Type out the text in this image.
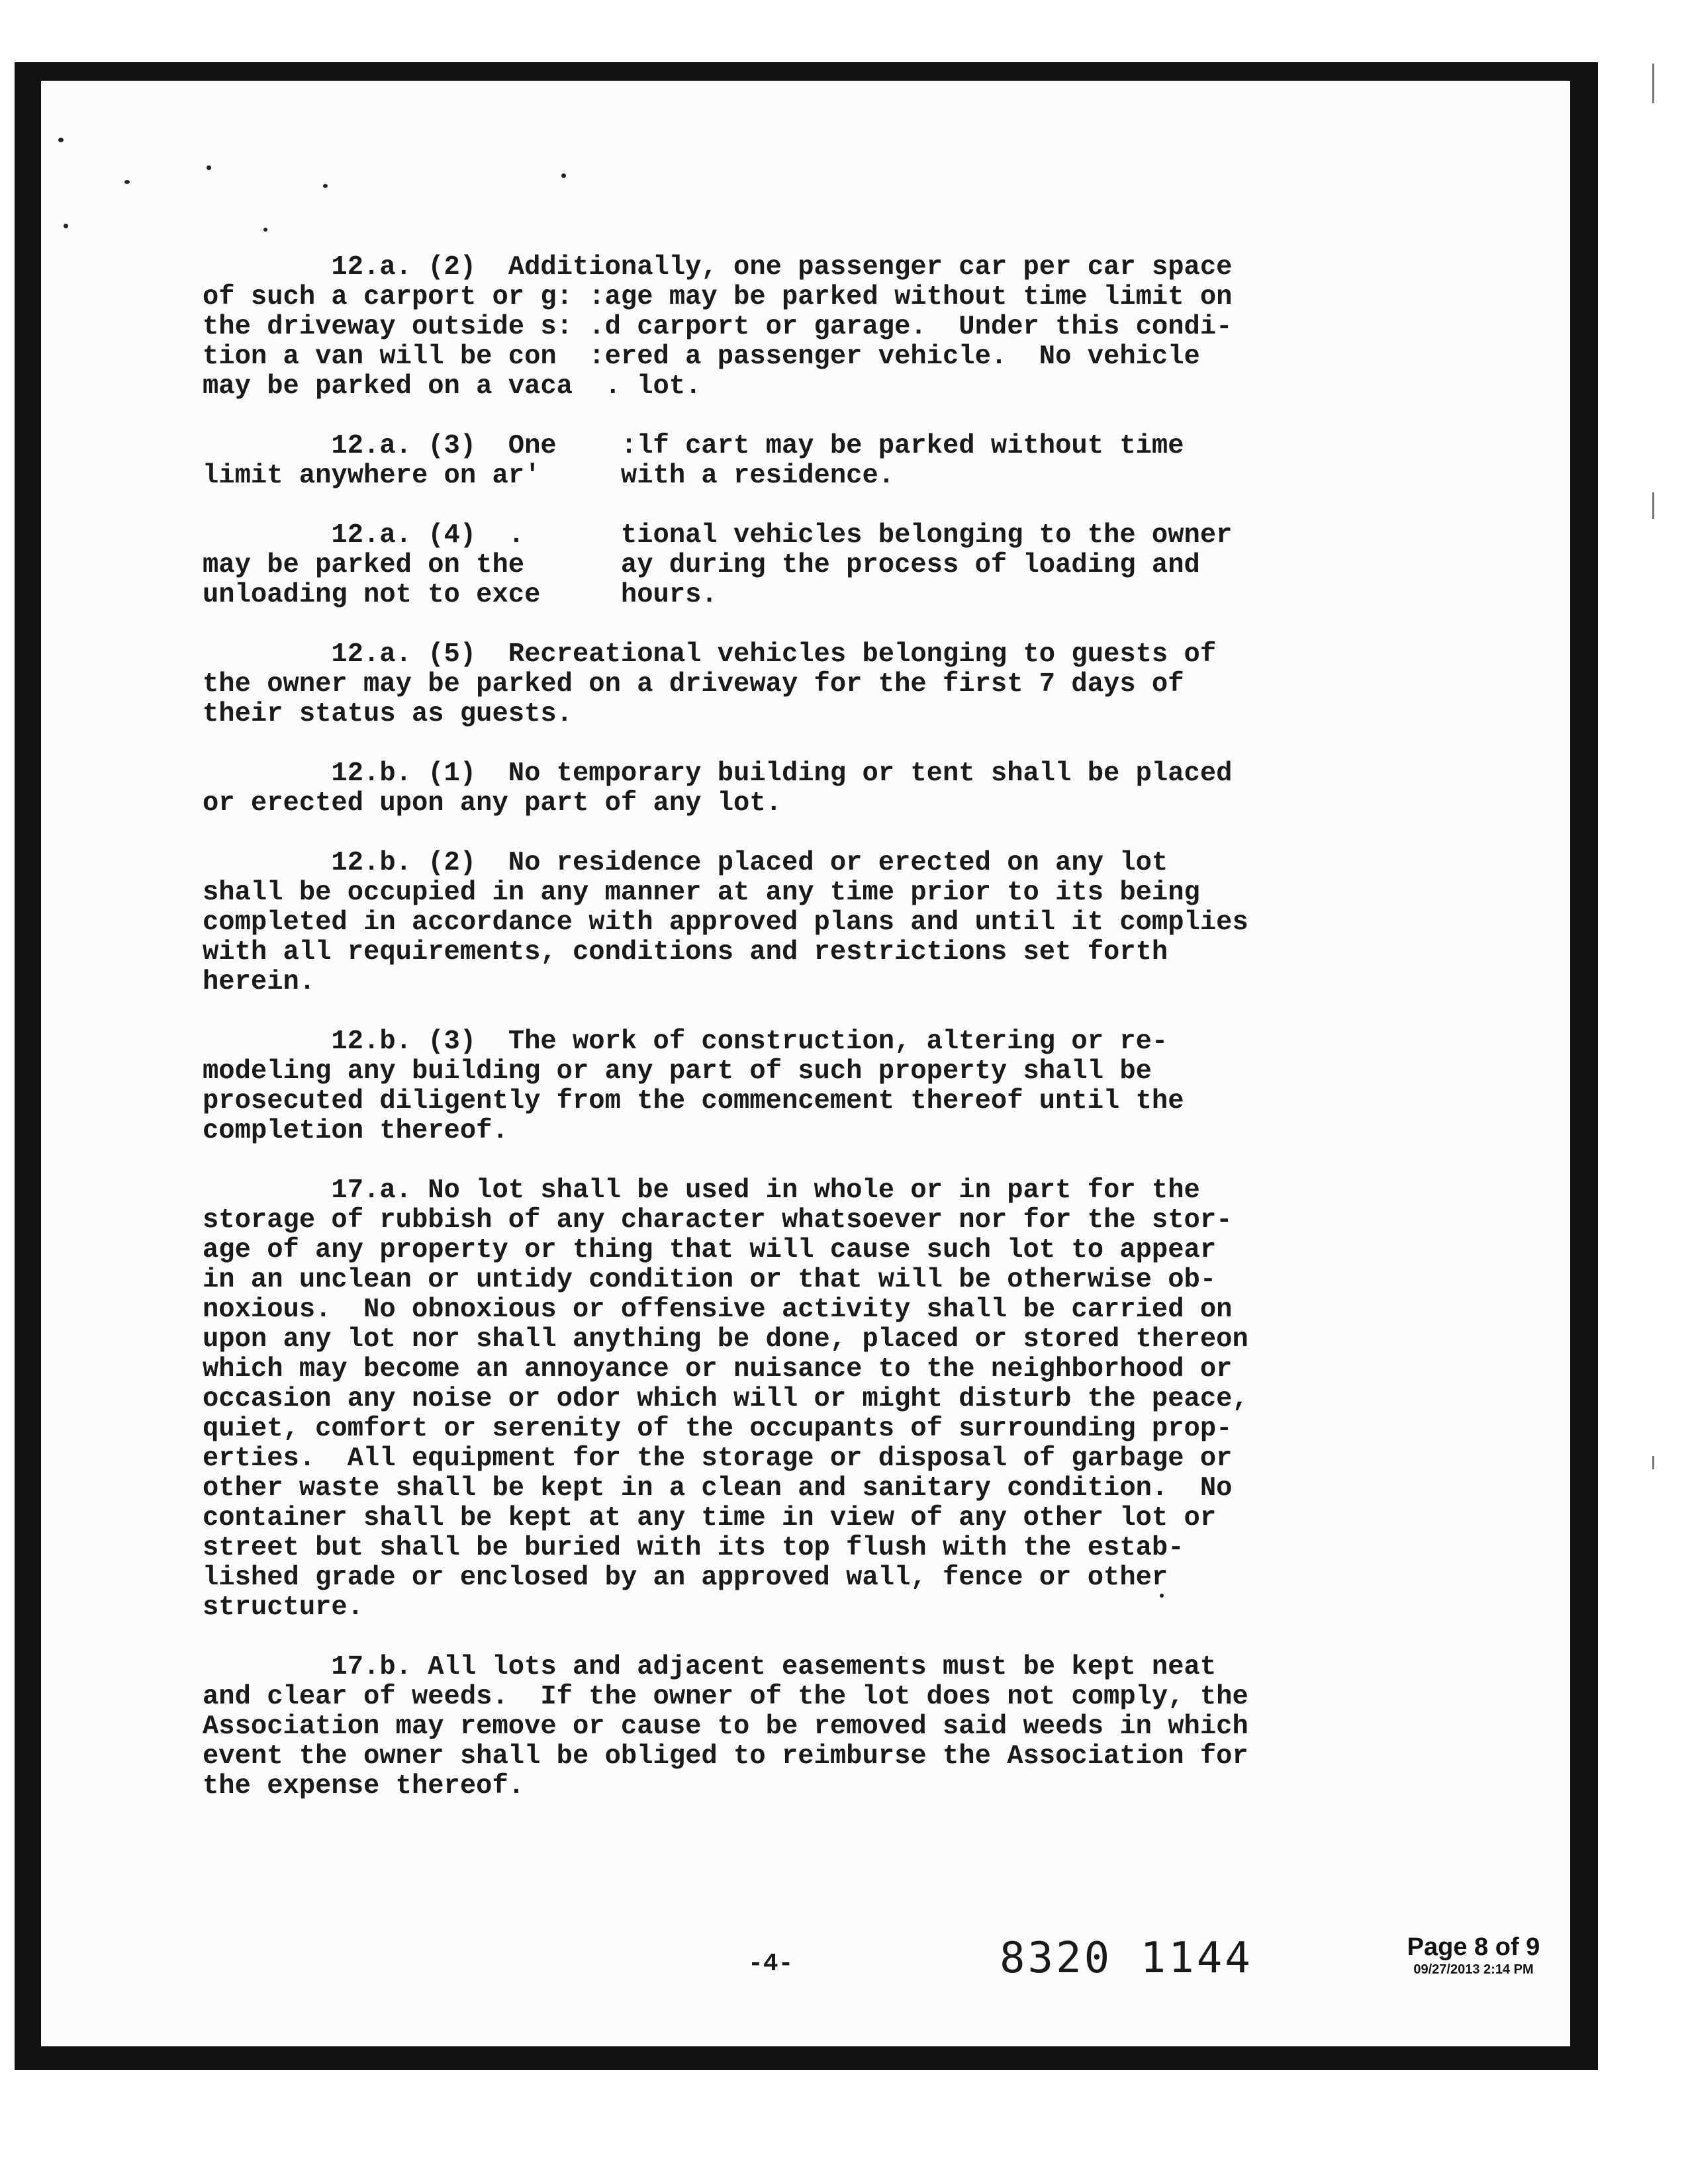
12.a. (2)  Additionally, one passenger car per car space
of such a carport or g: :age may be parked without time limit on
the driveway outside s: .d carport or garage.  Under this condi-
tion a van will be con  :ered a passenger vehicle.  No vehicle
may be parked on a vaca  . lot.
12.a. (3)  One    :lf cart may be parked without time
limit anywhere on ar'     with a residence.
12.a. (4)  .      tional vehicles belonging to the owner
may be parked on the      ay during the process of loading and
unloading not to exce     hours.
12.a. (5)  Recreational vehicles belonging to guests of
the owner may be parked on a driveway for the first 7 days of
their status as guests.
12.b. (1)  No temporary building or tent shall be placed
or erected upon any part of any lot.
12.b. (2)  No residence placed or erected on any lot
shall be occupied in any manner at any time prior to its being
completed in accordance with approved plans and until it complies
with all requirements, conditions and restrictions set forth
herein.
12.b. (3)  The work of construction, altering or re-
modeling any building or any part of such property shall be
prosecuted diligently from the commencement thereof until the
completion thereof.
17.a. No lot shall be used in whole or in part for the
storage of rubbish of any character whatsoever nor for the stor-
age of any property or thing that will cause such lot to appear
in an unclean or untidy condition or that will be otherwise ob-
noxious.  No obnoxious or offensive activity shall be carried on
upon any lot nor shall anything be done, placed or stored thereon
which may become an annoyance or nuisance to the neighborhood or
occasion any noise or odor which will or might disturb the peace,
quiet, comfort or serenity of the occupants of surrounding prop-
erties.  All equipment for the storage or disposal of garbage or
other waste shall be kept in a clean and sanitary condition.  No
container shall be kept at any time in view of any other lot or
street but shall be buried with its top flush with the estab-
lished grade or enclosed by an approved wall, fence or other
structure.
17.b. All lots and adjacent easements must be kept neat
and clear of weeds.  If the owner of the lot does not comply, the
Association may remove or cause to be removed said weeds in which
event the owner shall be obliged to reimburse the Association for
the expense thereof.
-4-	8320 1144	Page 8 of 9
09/27/2013 2:14 PM
